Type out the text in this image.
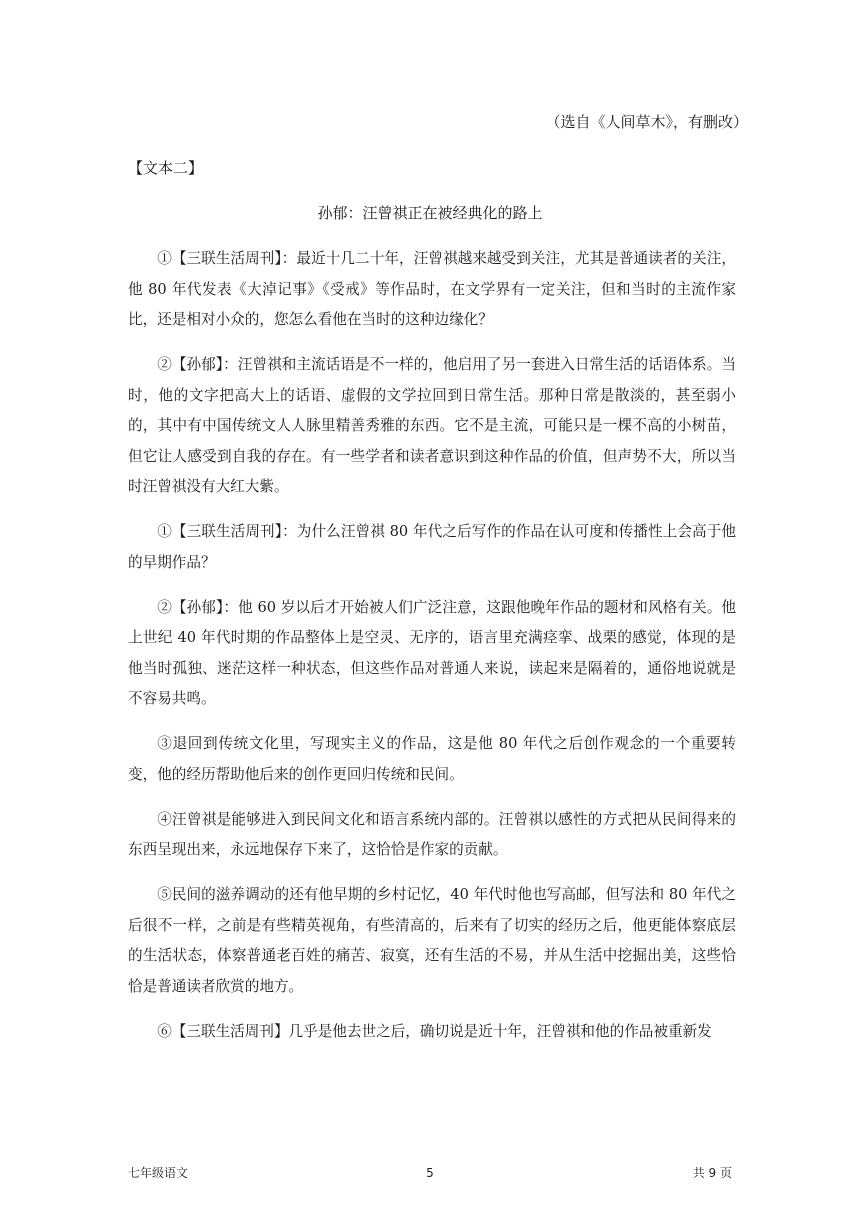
（选自《人间草木》，有删改）
【文本二】
孙郁：汪曾祺正在被经典化的路上

①【三联生活周刊】：最近十几二十年，汪曾祺越来越受到关注，尤其是普通读者的关注，他 80 年代发表《大淖记事》《受戒》等作品时，在文学界有一定关注，但和当时的主流作家比，还是相对小众的，您怎么看他在当时的这种边缘化？

②【孙郁】：汪曾祺和主流话语是不一样的，他启用了另一套进入日常生活的话语体系。当时，他的文字把高大上的话语、虚假的文学拉回到日常生活。那种日常是散淡的，甚至弱小的，其中有中国传统文人人脉里精善秀雅的东西。它不是主流，可能只是一棵不高的小树苗，但它让人感受到自我的存在。有一些学者和读者意识到这种作品的价值，但声势不大，所以当时汪曾祺没有大红大紫。

①【三联生活周刊】：为什么汪曾祺 80 年代之后写作的作品在认可度和传播性上会高于他的早期作品？

②【孙郁】：他 60 岁以后才开始被人们广泛注意，这跟他晚年作品的题材和风格有关。他上世纪 40 年代时期的作品整体上是空灵、无序的，语言里充满痉挛、战栗的感觉，体现的是他当时孤独、迷茫这样一种状态，但这些作品对普通人来说，读起来是隔着的，通俗地说就是不容易共鸣。

③退回到传统文化里，写现实主义的作品，这是他 80 年代之后创作观念的一个重要转变，他的经历帮助他后来的创作更回归传统和民间。

④汪曾祺是能够进入到民间文化和语言系统内部的。汪曾祺以感性的方式把从民间得来的东西呈现出来，永远地保存下来了，这恰恰是作家的贡献。

⑤民间的滋养调动的还有他早期的乡村记忆，40 年代时他也写高邮，但写法和 80 年代之后很不一样，之前是有些精英视角，有些清高的，后来有了切实的经历之后，他更能体察底层的生活状态，体察普通老百姓的痛苦、寂寞，还有生活的不易，并从生活中挖掘出美，这些恰恰是普通读者欣赏的地方。

⑥【三联生活周刊】几乎是他去世之后，确切说是近十年，汪曾祺和他的作品被重新发

七年级语文	5	共 9 页
